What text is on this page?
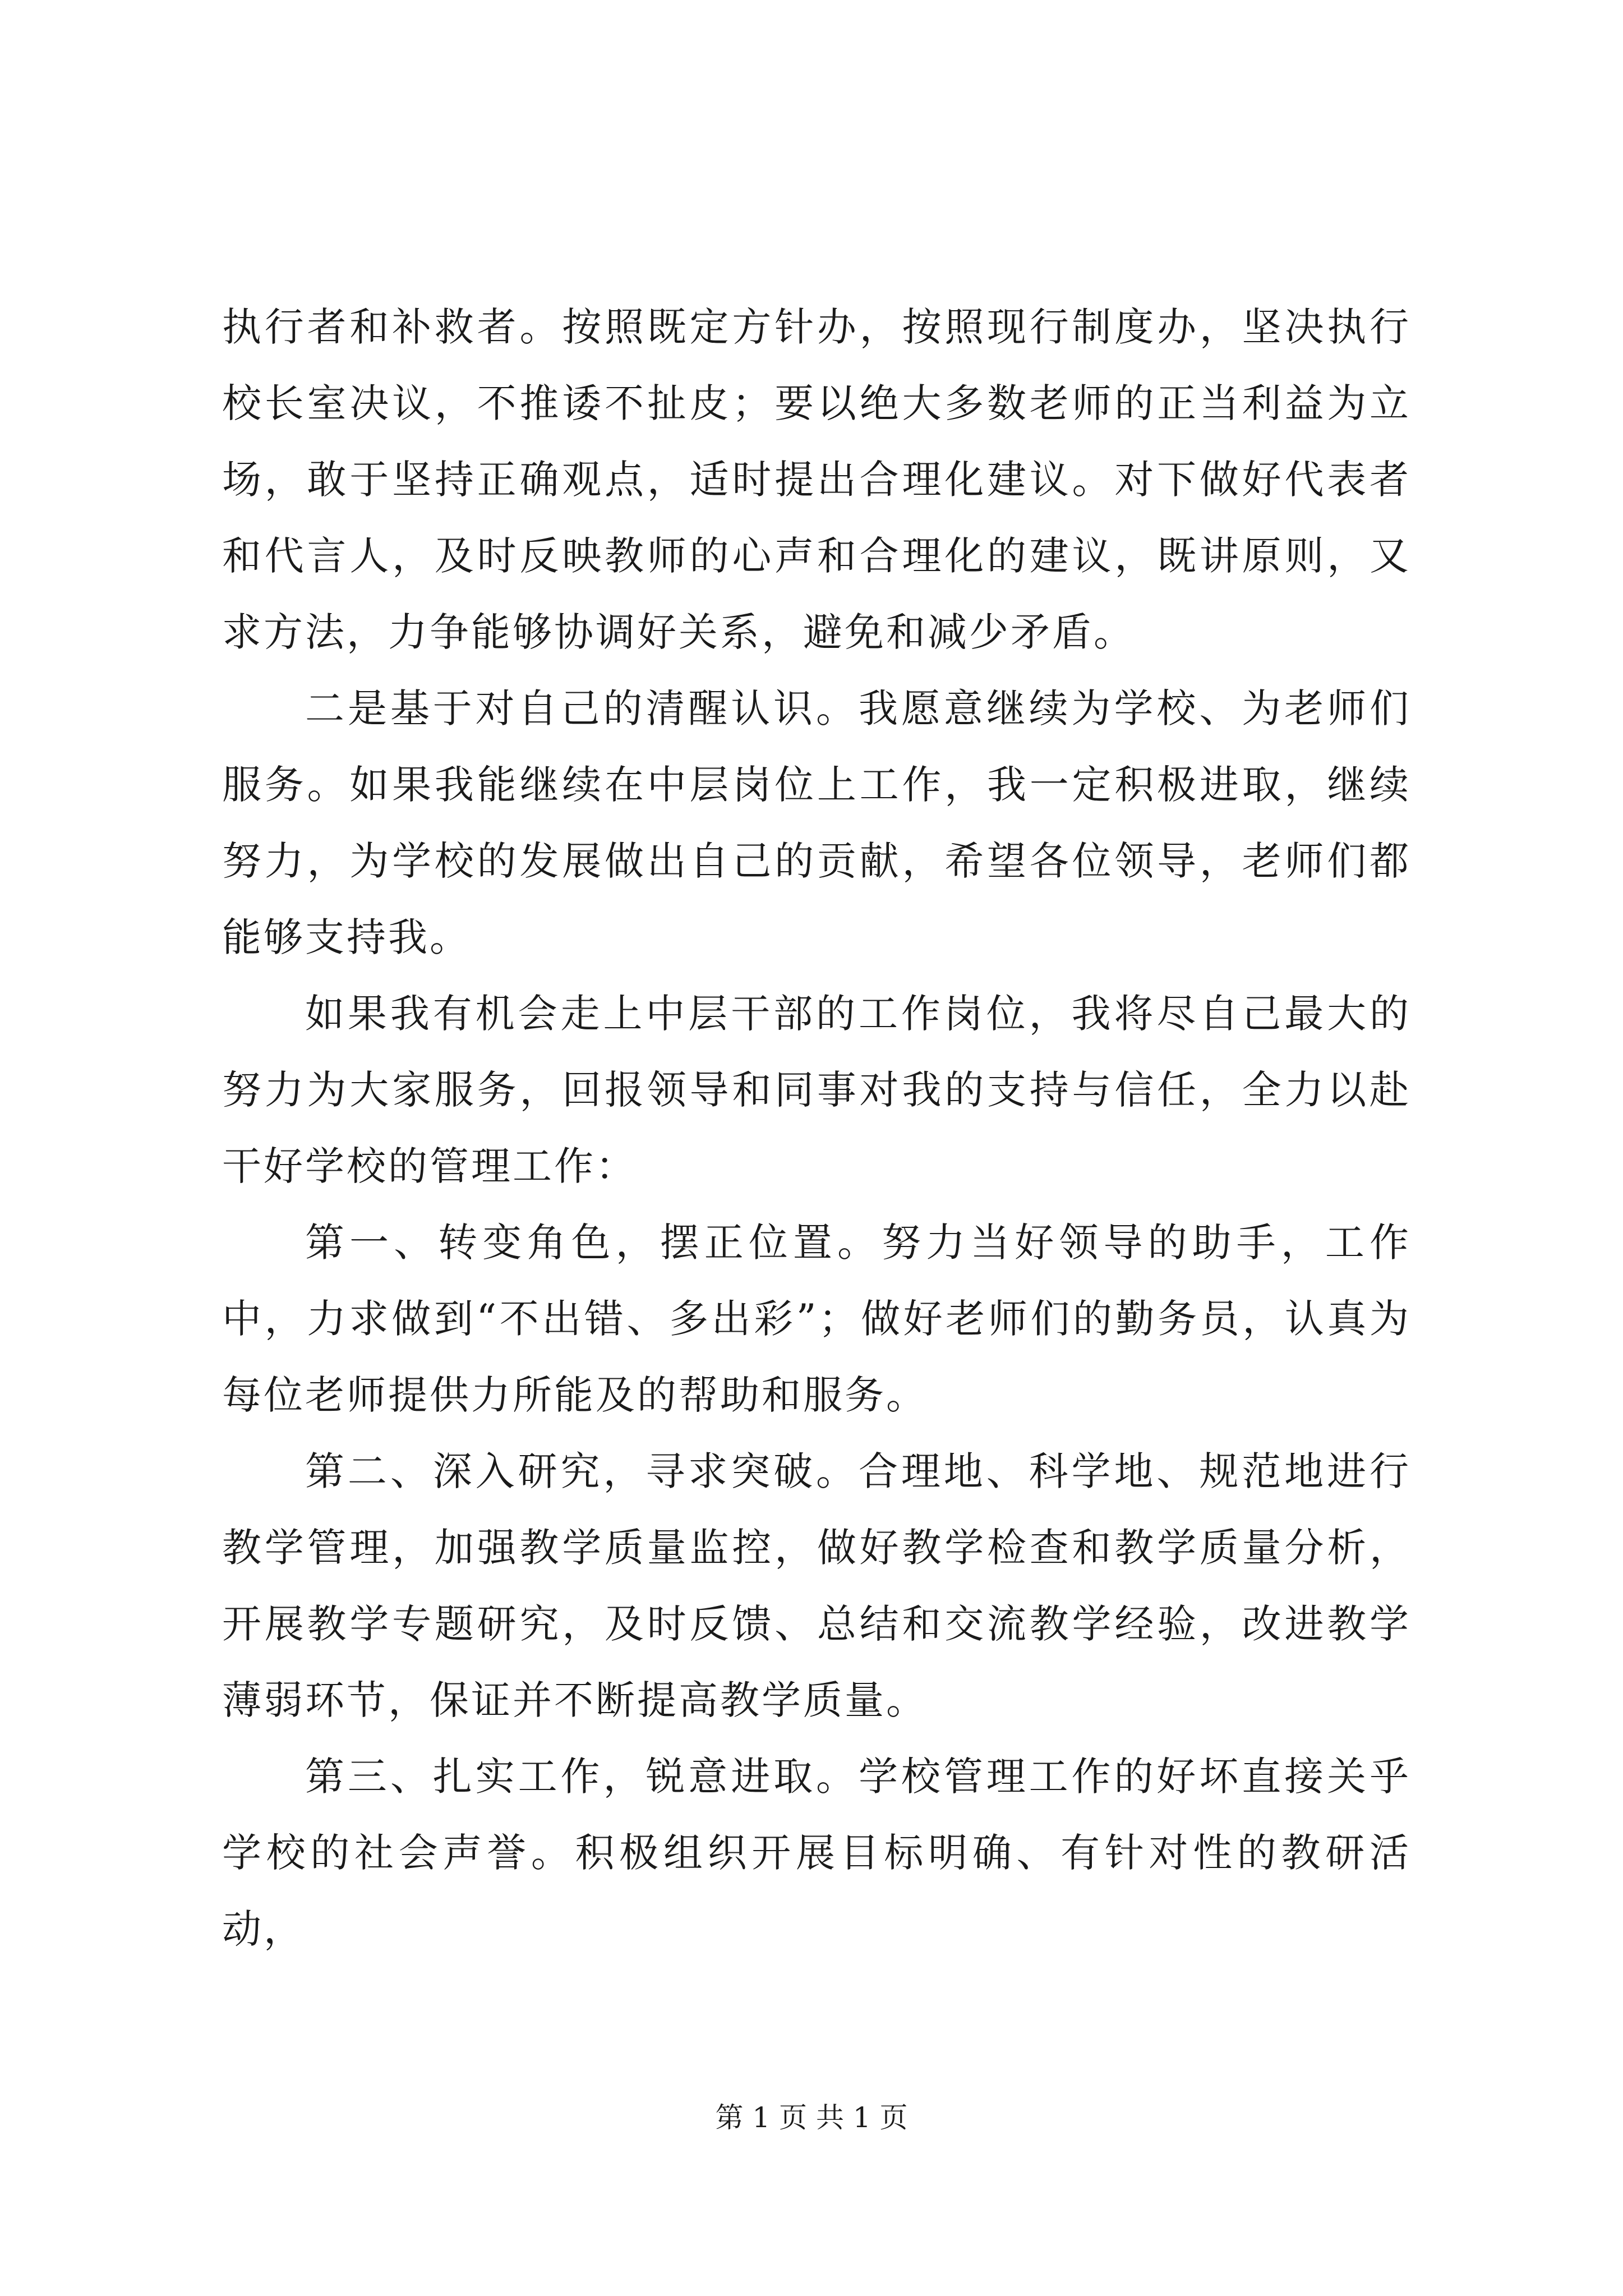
执行者和补救者。按照既定方针办，按照现行制度办，坚决执行校长室决议，不推诿不扯皮；要以绝大多数老师的正当利益为立场，敢于坚持正确观点，适时提出合理化建议。对下做好代表者和代言人，及时反映教师的心声和合理化的建议，既讲原则，又求方法，力争能够协调好关系，避免和减少矛盾。

二是基于对自己的清醒认识。我愿意继续为学校、为老师们服务。如果我能继续在中层岗位上工作，我一定积极进取，继续努力，为学校的发展做出自己的贡献，希望各位领导，老师们都能够支持我。

如果我有机会走上中层干部的工作岗位，我将尽自己最大的努力为大家服务，回报领导和同事对我的支持与信任，全力以赴干好学校的管理工作：

第一、转变角色，摆正位置。努力当好领导的助手，工作中，力求做到“不出错、多出彩”；做好老师们的勤务员，认真为每位老师提供力所能及的帮助和服务。

第二、深入研究，寻求突破。合理地、科学地、规范地进行教学管理，加强教学质量监控，做好教学检查和教学质量分析，开展教学专题研究，及时反馈、总结和交流教学经验，改进教学薄弱环节，保证并不断提高教学质量。

第三、扎实工作，锐意进取。学校管理工作的好坏直接关乎学校的社会声誉。积极组织开展目标明确、有针对性的教研活动，

第 1 页 共 1 页
